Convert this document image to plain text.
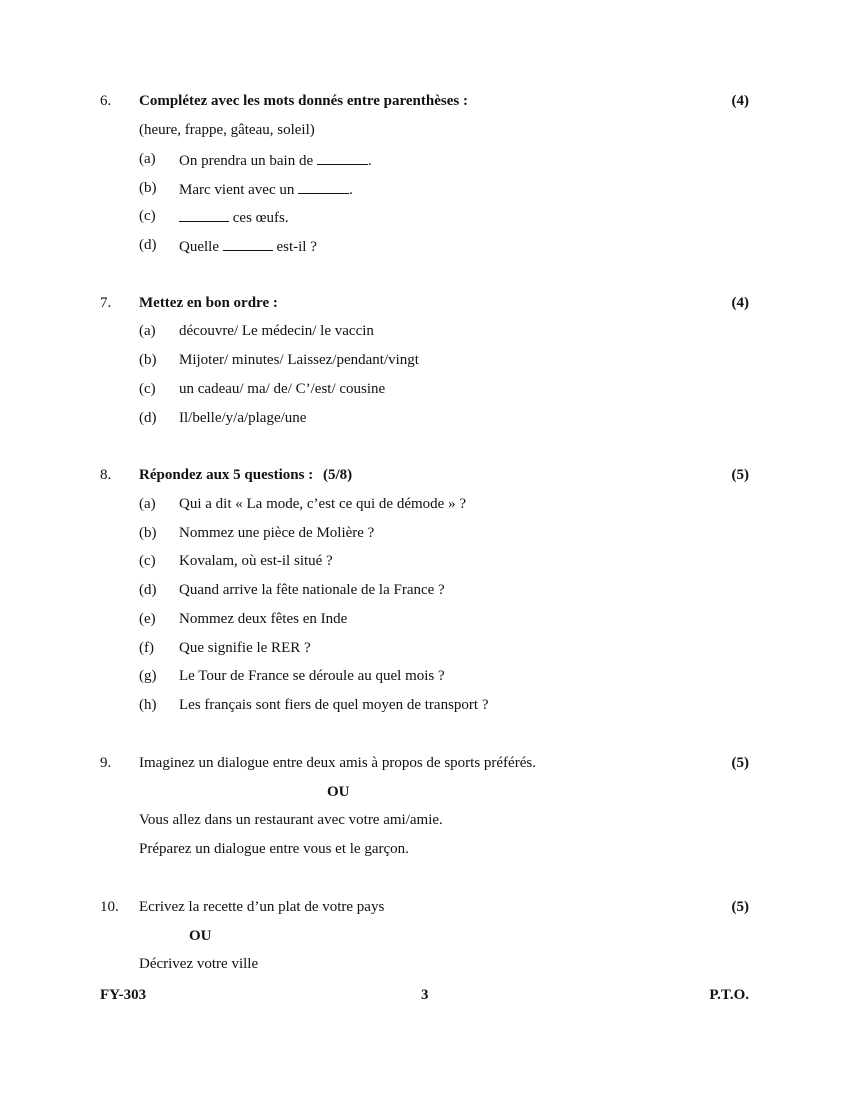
6. Complétez avec les mots donnés entre parenthèses :	(4)
(heure, frappe, gâteau, soleil)
(a) On prendra un bain de	.
(b) Marc vient avec un	.
(c)	ces œufs.
(d) Quelle	est-il ?
7. Mettez en bon ordre :	(4)
(a) découvre/ Le médecin/ le vaccin
(b) Mijoter/ minutes/ Laissez/pendant/vingt
(c) un cadeau/ ma/ de/ C’/est/ cousine
(d) Il/belle/y/a/plage/une
8. Répondez aux 5 questions : (5/8)	(5)
(a) Qui a dit « La mode, c’est ce qui de démode » ?
(b) Nommez une pièce de Molière ?
(c) Kovalam, où est-il situé ?
(d) Quand arrive la fête nationale de la France ?
(e) Nommez deux fêtes en Inde
(f) Que signifie le RER ?
(g) Le Tour de France se déroule au quel mois ?
(h) Les français sont fiers de quel moyen de transport ?
9. Imaginez un dialogue entre deux amis à propos de sports préférés.	(5)
OU
Vous allez dans un restaurant avec votre ami/amie.
Préparez un dialogue entre vous et le garçon.
10. Ecrivez la recette d’un plat de votre pays	(5)
OU
Décrivez votre ville
FY-303	3	P.T.O.
